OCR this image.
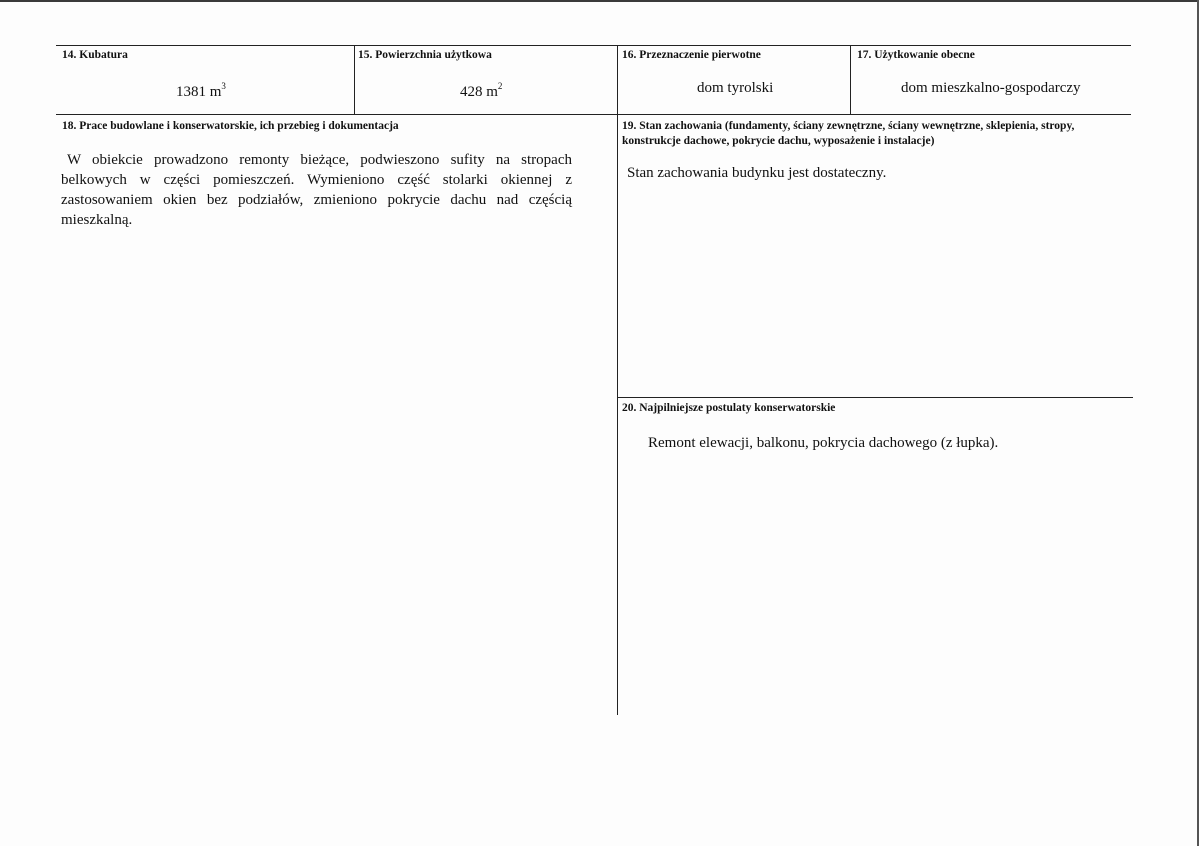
14. Kubatura
1381 $m^3$
15. Powierzchnia użytkowa
428 $m^2$
16. Przeznaczenie pierwotne
dom tyrolski
17. Użytkowanie obecne
dom mieszkalno-gospodarczy
18. Prace budowlane i konserwatorskie, ich przebieg i dokumentacja
W obiekcie prowadzono remonty bieżące, podwieszono sufity na stropach belkowych w części pomieszczeń. Wymieniono część stolarki okiennej z zastosowaniem okien bez podziałów, zmieniono pokrycie dachu nad częścią mieszkalną.
19. Stan zachowania (fundamenty, ściany zewnętrzne, ściany wewnętrzne, sklepienia, stropy, konstrukcje dachowe, pokrycie dachu, wyposażenie i instalacje)
Stan zachowania budynku jest dostateczny.
20. Najpilniejsze postulaty konserwatorskie
Remont elewacji, balkonu, pokrycia dachowego (z łupka).
